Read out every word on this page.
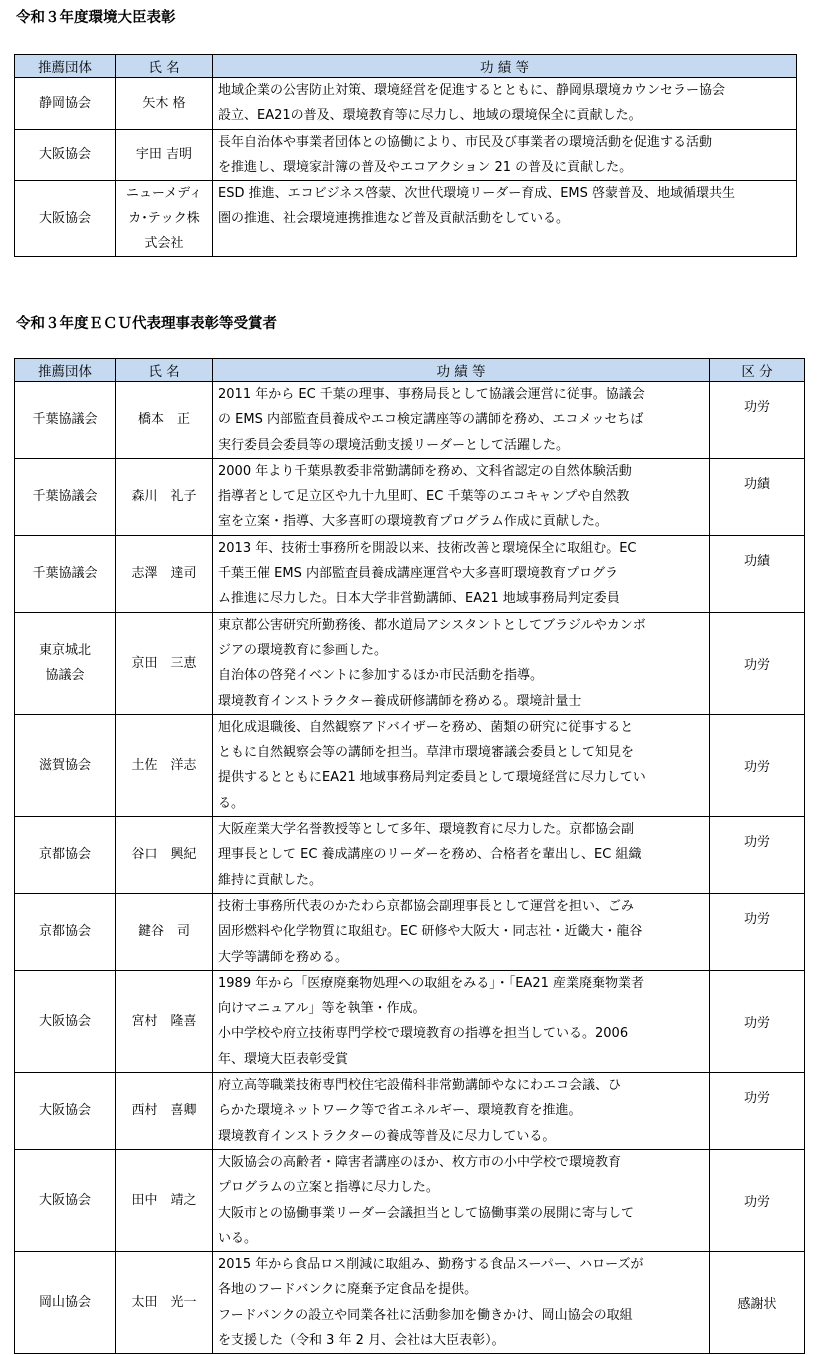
令和３年度環境大臣表彰
推薦団体	氏 名	功 績 等
静岡協会	矢木 格	地域企業の公害防止対策、環境経営を促進するとともに、静岡県環境カウンセラー協会
設立、EA21の普及、環境教育等に尽力し、地域の環境保全に貢献した。

大阪協会	宇田 吉明	長年自治体や事業者団体との協働により、市民及び事業者の環境活動を促進する活動
を推進し、環境家計簿の普及やエコアクション 21 の普及に貢献した。

大阪協会	ニューメディ
カ･テック株
式会社	ESD 推進、エコビジネス啓蒙、次世代環境リーダー育成、EMS 啓蒙普及、地域循環共生
圏の推進、社会環境連携推進など普及貢献活動をしている。
令和３年度ＥＣＵ代表理事表彰等受賞者
推薦団体	氏 名	功 績 等	区 分
千葉協議会	橋本　正	2011 年から EC 千葉の理事、事務局長として協議会運営に従事。協議会
の EMS 内部監査員養成やエコ検定講座等の講師を務め、エコメッセちば
実行委員会委員等の環境活動支援リーダーとして活躍した。	功労
千葉協議会	森川　礼子	2000 年より千葉県教委非常勤講師を務め、文科省認定の自然体験活動
指導者として足立区や九十九里町、EC 千葉等のエコキャンプや自然教
室を立案・指導、大多喜町の環境教育プログラム作成に貢献した。	功績
千葉協議会	志澤　達司	2013 年、技術士事務所を開設以来、技術改善と環境保全に取組む。EC
千葉王催 EMS 内部監査員養成講座運営や大多喜町環境教育プログラ
ム推進に尽力した。日本大学非営勤講師、EA21 地域事務局判定委員	功績
東京城北
協議会	京田　三恵	東京都公害研究所勤務後、都水道局アシスタントとしてブラジルやカンボ
ジアの環境教育に参画した。
自治体の啓発イベントに参加するほか市民活動を指導。
環境教育インストラクター養成研修講師を務める。環境計量士	功労
滋賀協会	土佐　洋志	旭化成退職後、自然観察アドバイザーを務め、菌類の研究に従事すると
ともに自然観察会等の講師を担当。草津市環境審議会委員として知見を
提供するとともにEA21 地域事務局判定委員として環境経営に尽力してい
る。	功労
京都協会	谷口　興紀	大阪産業大学名誉教授等として多年、環境教育に尽力した。京都協会副
理事長として EC 養成講座のリーダーを務め、合格者を輩出し、EC 組織
維持に貢献した。	功労
京都協会	鍵谷　司	技術士事務所代表のかたわら京都協会副理事長として運営を担い、ごみ
固形燃料や化学物質に取組む。EC 研修や大阪大・同志社・近畿大・龍谷
大学等講師を務める。	功労
大阪協会	宮村　隆喜	1989 年から「医療廃棄物処理への取組をみる」・「EA21 産業廃棄物業者
向けマニュアル」等を執筆・作成。
小中学校や府立技術専門学校で環境教育の指導を担当している。2006
年、環境大臣表彰受賞	功労
大阪協会	西村　喜卿	府立高等職業技術専門校住宅設備科非常勤講師やなにわエコ会議、ひ
らかた環境ネットワーク等で省エネルギー、環境教育を推進。
環境教育インストラクターの養成等普及に尽力している。	功労
大阪協会	田中　靖之	大阪協会の高齢者・障害者講座のほか、枚方市の小中学校で環境教育
プログラムの立案と指導に尽力した。
大阪市との協働事業リーダー会議担当として協働事業の展開に寄与して
いる。	功労
岡山協会	太田　光一	2015 年から食品ロス削減に取組み、勤務する食品スーパー、ハローズが
各地のフードバンクに廃棄予定食品を提供。
フードバンクの設立や同業各社に活動参加を働きかけ、岡山協会の取組
を支援した（令和 3 年 2 月、会社は大臣表彰）。	感謝状
